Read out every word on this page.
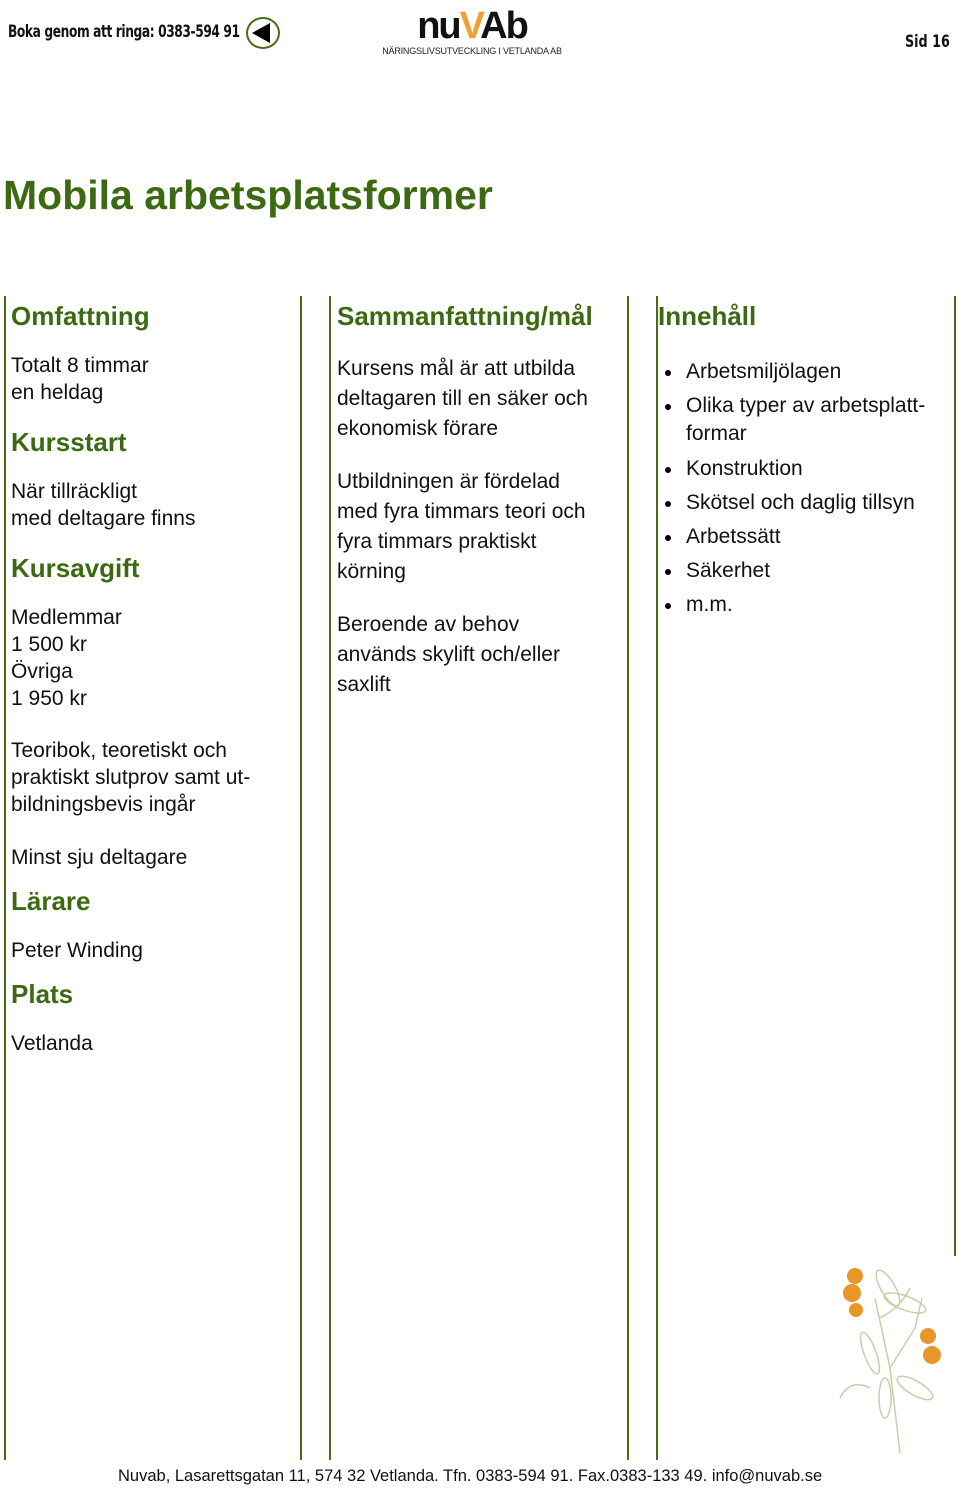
Boka genom att ringa: 0383-594 91	nuVAb
NÄRINGSLIVSUTVECKLING I VETLANDA AB	Sid 16
Mobila arbetsplatsformer
Omfattning
Totalt 8 timmar
en heldag
Kursstart
När tillräckligt
med deltagare finns
Kursavgift
Medlemmar
1 500 kr
Övriga
1 950 kr
Teoribok, teoretiskt och
praktiskt slutprov samt ut-
bildningsbevis ingår
Minst sju deltagare
Lärare
Peter Winding
Plats
Vetlanda
Sammanfattning/mål
Kursens mål är att utbilda
deltagaren till en säker och
ekonomisk förare
Utbildningen är fördelad
med fyra timmars teori och
fyra timmars praktiskt
körning
Beroende av behov
används skylift och/eller
saxlift
Innehåll
Arbetsmiljölagen
Olika typer av arbetsplatt-
formar
Konstruktion
Skötsel och daglig tillsyn
Arbetssätt
Säkerhet
m.m.
Nuvab, Lasarettsgatan 11, 574 32 Vetlanda. Tfn. 0383-594 91. Fax.0383-133 49. info@nuvab.se
